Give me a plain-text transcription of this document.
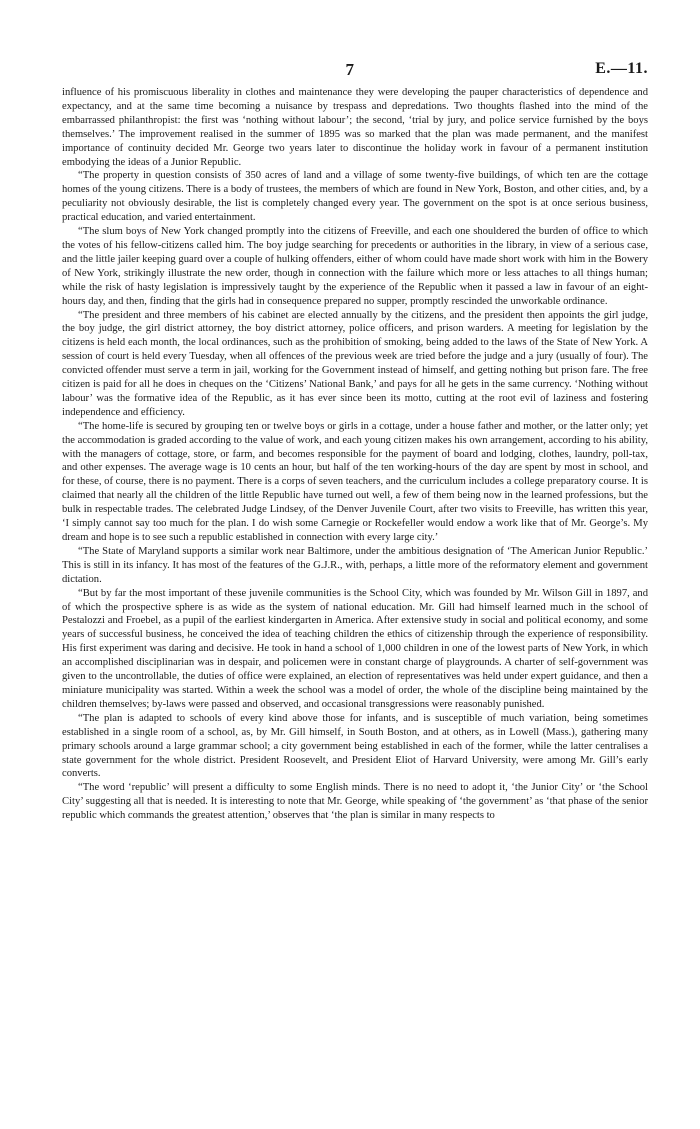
7	E.—11.

influence of his promiscuous liberality in clothes and maintenance they were developing the pauper characteristics of dependence and expectancy, and at the same time becoming a nuisance by trespass and depredations. Two thoughts flashed into the mind of the embarrassed philanthropist: the first was ‘nothing without labour’; the second, ‘trial by jury, and police service furnished by the boys themselves.’ The improvement realised in the summer of 1895 was so marked that the plan was made permanent, and the manifest importance of continuity decided Mr. George two years later to discontinue the holiday work in favour of a permanent institution embodying the ideas of a Junior Republic.

“The property in question consists of 350 acres of land and a village of some twenty-five buildings, of which ten are the cottage homes of the young citizens. There is a body of trustees, the members of which are found in New York, Boston, and other cities, and, by a peculiarity not obviously desirable, the list is completely changed every year. The government on the spot is at once serious business, practical education, and varied entertainment.

“The slum boys of New York changed promptly into the citizens of Freeville, and each one shouldered the burden of office to which the votes of his fellow-citizens called him. The boy judge searching for precedents or authorities in the library, in view of a serious case, and the little jailer keeping guard over a couple of hulking offenders, either of whom could have made short work with him in the Bowery of New York, strikingly illustrate the new order, though in connection with the failure which more or less attaches to all things human; while the risk of hasty legislation is impressively taught by the experience of the Republic when it passed a law in favour of an eight-hours day, and then, finding that the girls had in consequence prepared no supper, promptly rescinded the unworkable ordinance.

“The president and three members of his cabinet are elected annually by the citizens, and the president then appoints the girl judge, the boy judge, the girl district attorney, the boy district attorney, police officers, and prison warders. A meeting for legislation by the citizens is held each month, the local ordinances, such as the prohibition of smoking, being added to the laws of the State of New York. A session of court is held every Tuesday, when all offences of the previous week are tried before the judge and a jury (usually of four). The convicted offender must serve a term in jail, working for the Government instead of himself, and getting nothing but prison fare. The free citizen is paid for all he does in cheques on the ‘Citizens’ National Bank,’ and pays for all he gets in the same currency. ‘Nothing without labour’ was the formative idea of the Republic, as it has ever since been its motto, cutting at the root evil of laziness and fostering independence and efficiency.

“The home-life is secured by grouping ten or twelve boys or girls in a cottage, under a house father and mother, or the latter only; yet the accommodation is graded according to the value of work, and each young citizen makes his own arrangement, according to his ability, with the managers of cottage, store, or farm, and becomes responsible for the payment of board and lodging, clothes, laundry, poll-tax, and other expenses. The average wage is 10 cents an hour, but half of the ten working-hours of the day are spent by most in school, and for these, of course, there is no payment. There is a corps of seven teachers, and the curriculum includes a college preparatory course. It is claimed that nearly all the children of the little Republic have turned out well, a few of them being now in the learned professions, but the bulk in respectable trades. The celebrated Judge Lindsey, of the Denver Juvenile Court, after two visits to Freeville, has written this year, ‘I simply cannot say too much for the plan. I do wish some Carnegie or Rockefeller would endow a work like that of Mr. George’s. My dream and hope is to see such a republic established in connection with every large city.’

“The State of Maryland supports a similar work near Baltimore, under the ambitious designation of ‘The American Junior Republic.’ This is still in its infancy. It has most of the features of the G.J.R., with, perhaps, a little more of the reformatory element and government dictation.

“But by far the most important of these juvenile communities is the School City, which was founded by Mr. Wilson Gill in 1897, and of which the prospective sphere is as wide as the system of national education. Mr. Gill had himself learned much in the school of Pestalozzi and Froebel, as a pupil of the earliest kindergarten in America. After extensive study in social and political economy, and some years of successful business, he conceived the idea of teaching children the ethics of citizenship through the experience of responsibility. His first experiment was daring and decisive. He took in hand a school of 1,000 children in one of the lowest parts of New York, in which an accomplished disciplinarian was in despair, and policemen were in constant charge of playgrounds. A charter of self-government was given to the uncontrollable, the duties of office were explained, an election of representatives was held under expert guidance, and then a miniature municipality was started. Within a week the school was a model of order, the whole of the discipline being maintained by the children themselves; by-laws were passed and observed, and occasional transgressions were reasonably punished.

“The plan is adapted to schools of every kind above those for infants, and is susceptible of much variation, being sometimes established in a single room of a school, as, by Mr. Gill himself, in South Boston, and at others, as in Lowell (Mass.), gathering many primary schools around a large grammar school; a city government being established in each of the former, while the latter centralises a state government for the whole district. President Roosevelt, and President Eliot of Harvard University, were among Mr. Gill’s early converts.

“The word ‘republic’ will present a difficulty to some English minds. There is no need to adopt it, ‘the Junior City’ or ‘the School City’ suggesting all that is needed. It is interesting to note that Mr. George, while speaking of ‘the government’ as ‘that phase of the senior republic which commands the greatest attention,’ observes that ‘the plan is similar in many respects to
